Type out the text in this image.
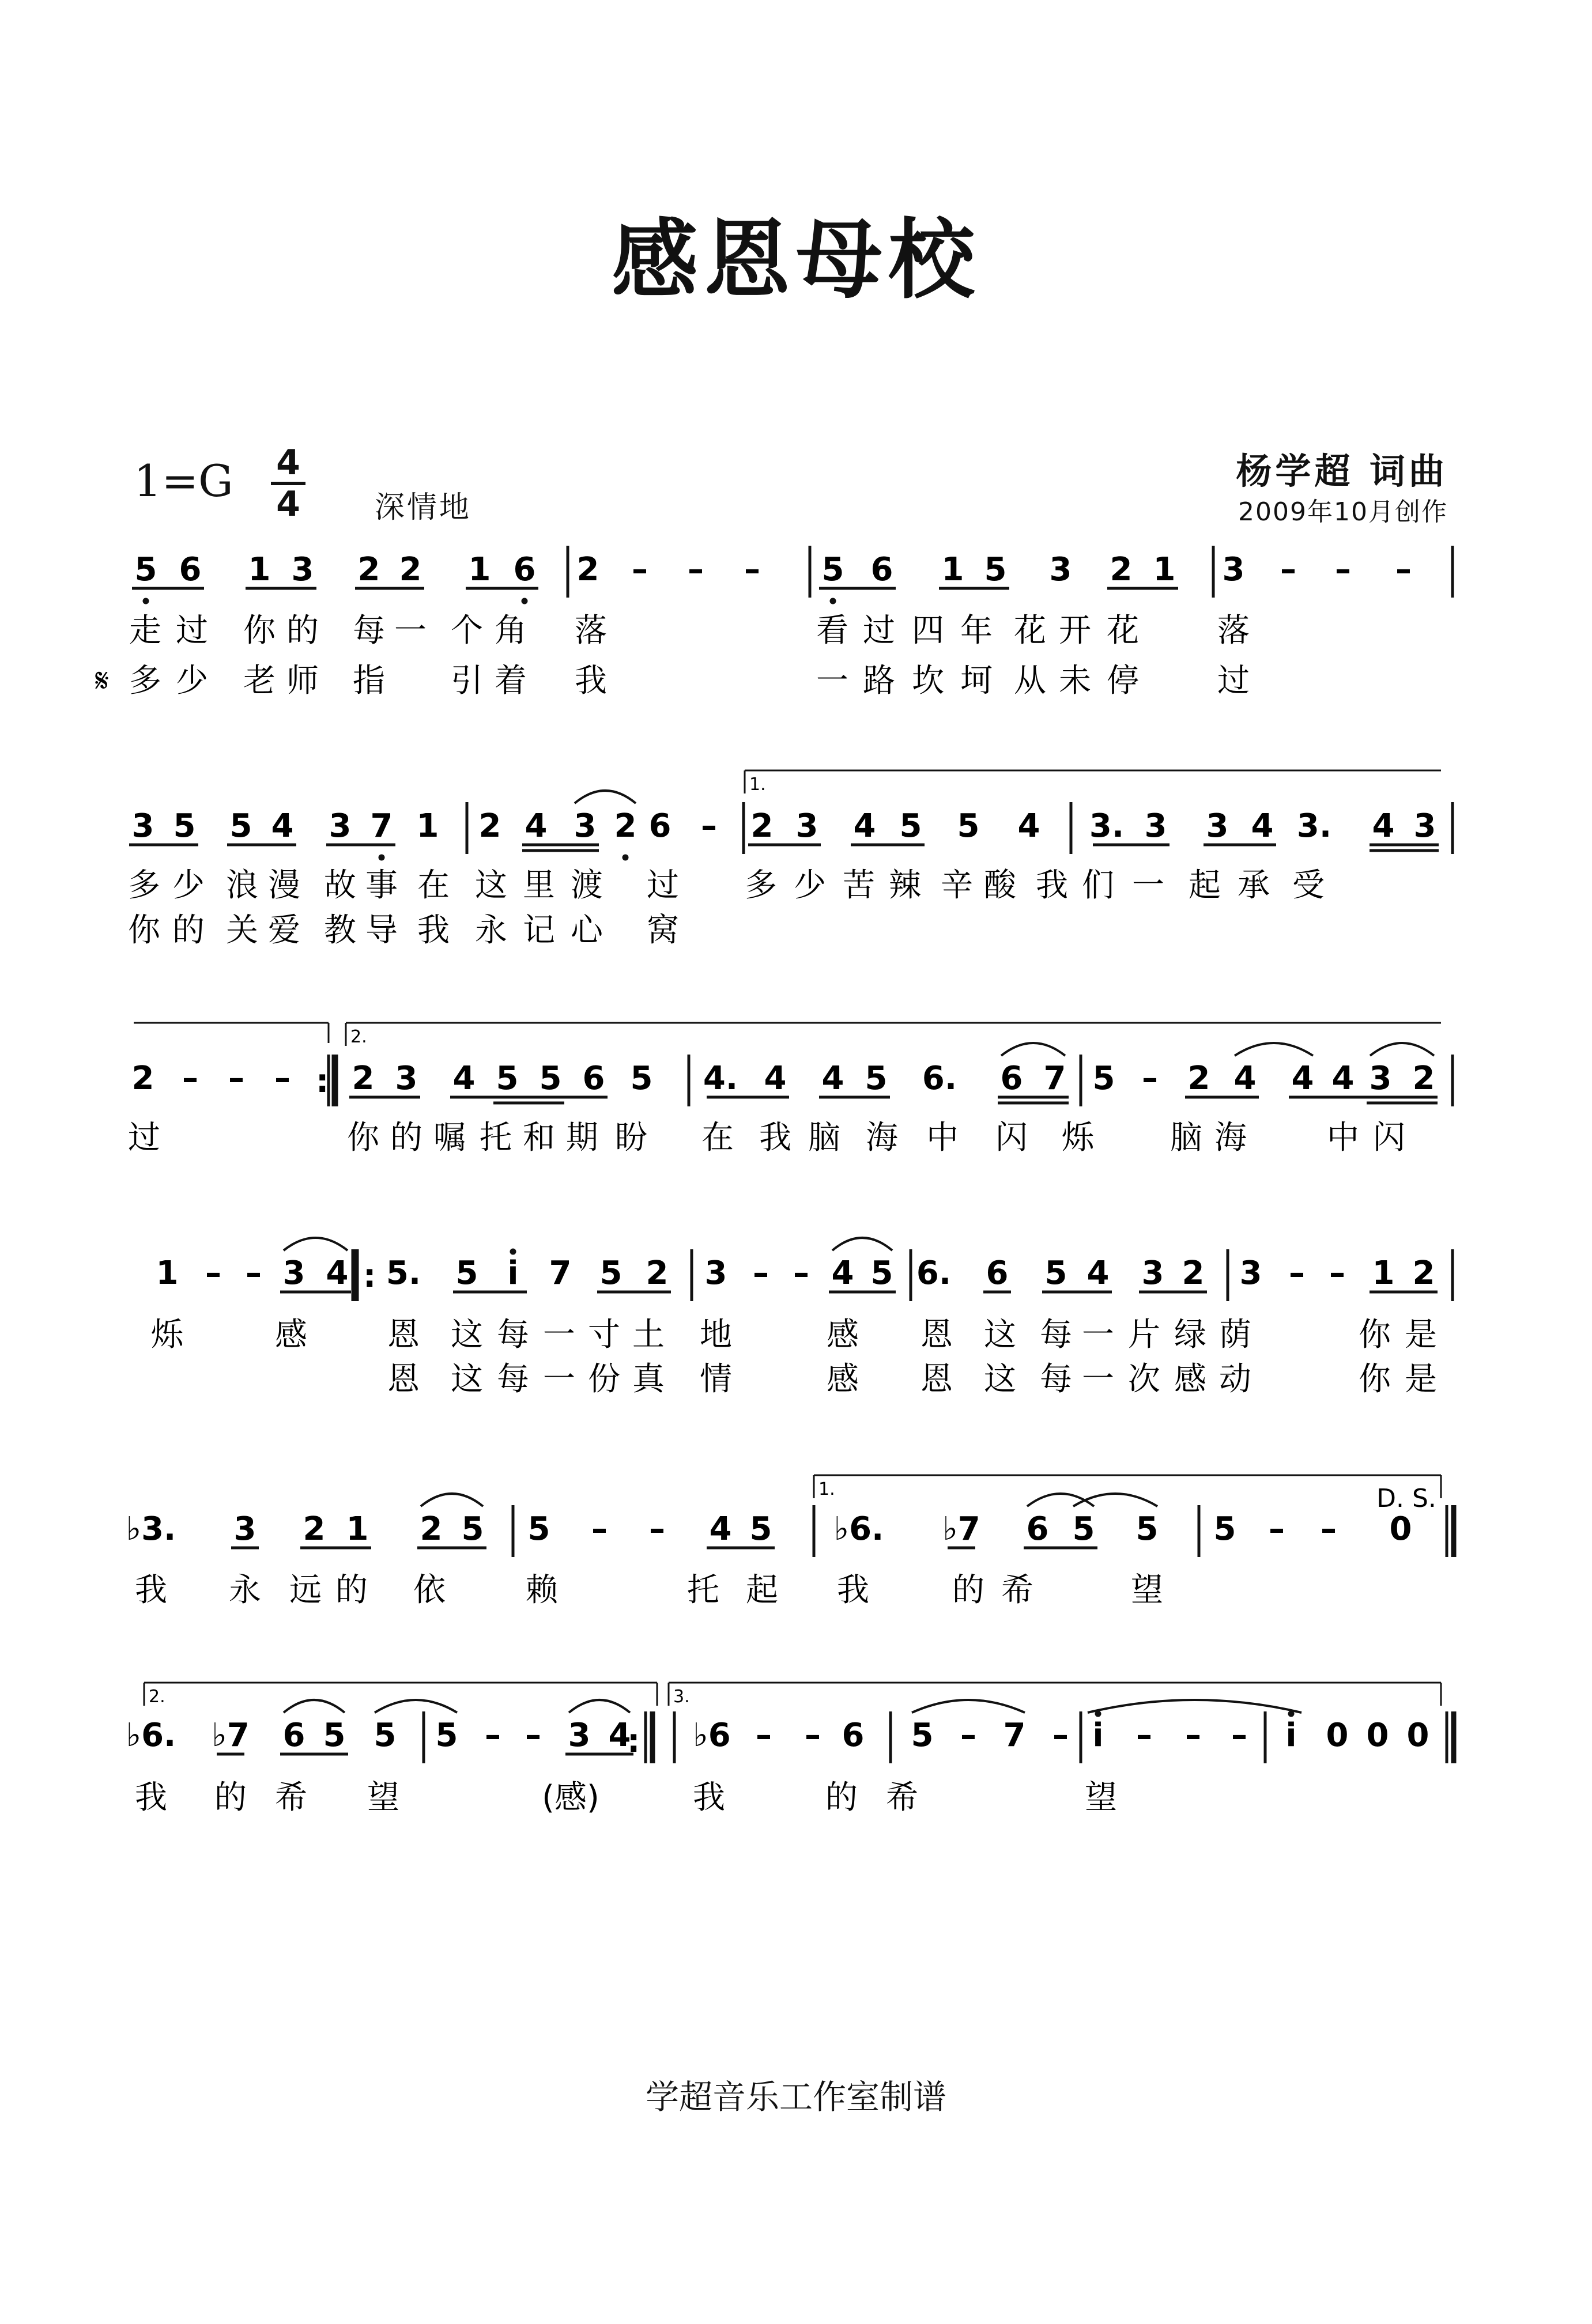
感恩母校
1=G 4
4 深情地
杨学超 词曲
2009年10月创作
5 6 1 3 2 2 1 6 2 – – – 5 6 1 5 3 2 1 3 – – –
走 过 你 的 每 一 个 角 落	看 过 四 年 花 开 花 落
多 少 老 师 指 引 着 我	一 路 坎 坷 从 未 停 过
3 5 5 4 3 7 1 2 4 3 2 6 – 2 3 4 5 5 4 3. 3 3 4 3. 4 3
多 少 浪 漫 故 事 在 这 里 渡 过 多 少 苦 辣 辛 酸 我 们 一 起 承 受
你 的 关 爱 教 导 我 永 记 心 窝
2 – – – 2 3 4 5 5 6 5 4. 4 4 5 6. 6 7 5 – 2 4 4 4 3 2
过	你 的 嘱 托 和 期 盼 在 我 脑 海 中 闪 烁 脑 海 中 闪
1 – – 3 4 5. 5 i 7 5 2 3 – – 4 5 6. 6 5 4 3 2 3 – – 1 2
烁	感 恩 这 每 一 寸 土 地	感 恩 这 每 一 片 绿 荫	你 是
恩 这 每 一 份 真 情	感 恩 这 每 一 次 感 动	你 是
♭3. 3 2 1 2 5 5 – – 4 5 ♭6. ♭7 6 5 5 5 – – 0
我 永 远 的 依 赖	托 起 我	的 希	望
♭6. ♭7 6 5 5 5 – – 3 4 ♭6 – – 6 5 – 7 – i – – – i 0 0 0
我 的 希 望	(感)	我	的 希	望
𝄋
:
:
:
1.
2.
1.
2.	3.
D. S.
学超音乐工作室制谱
